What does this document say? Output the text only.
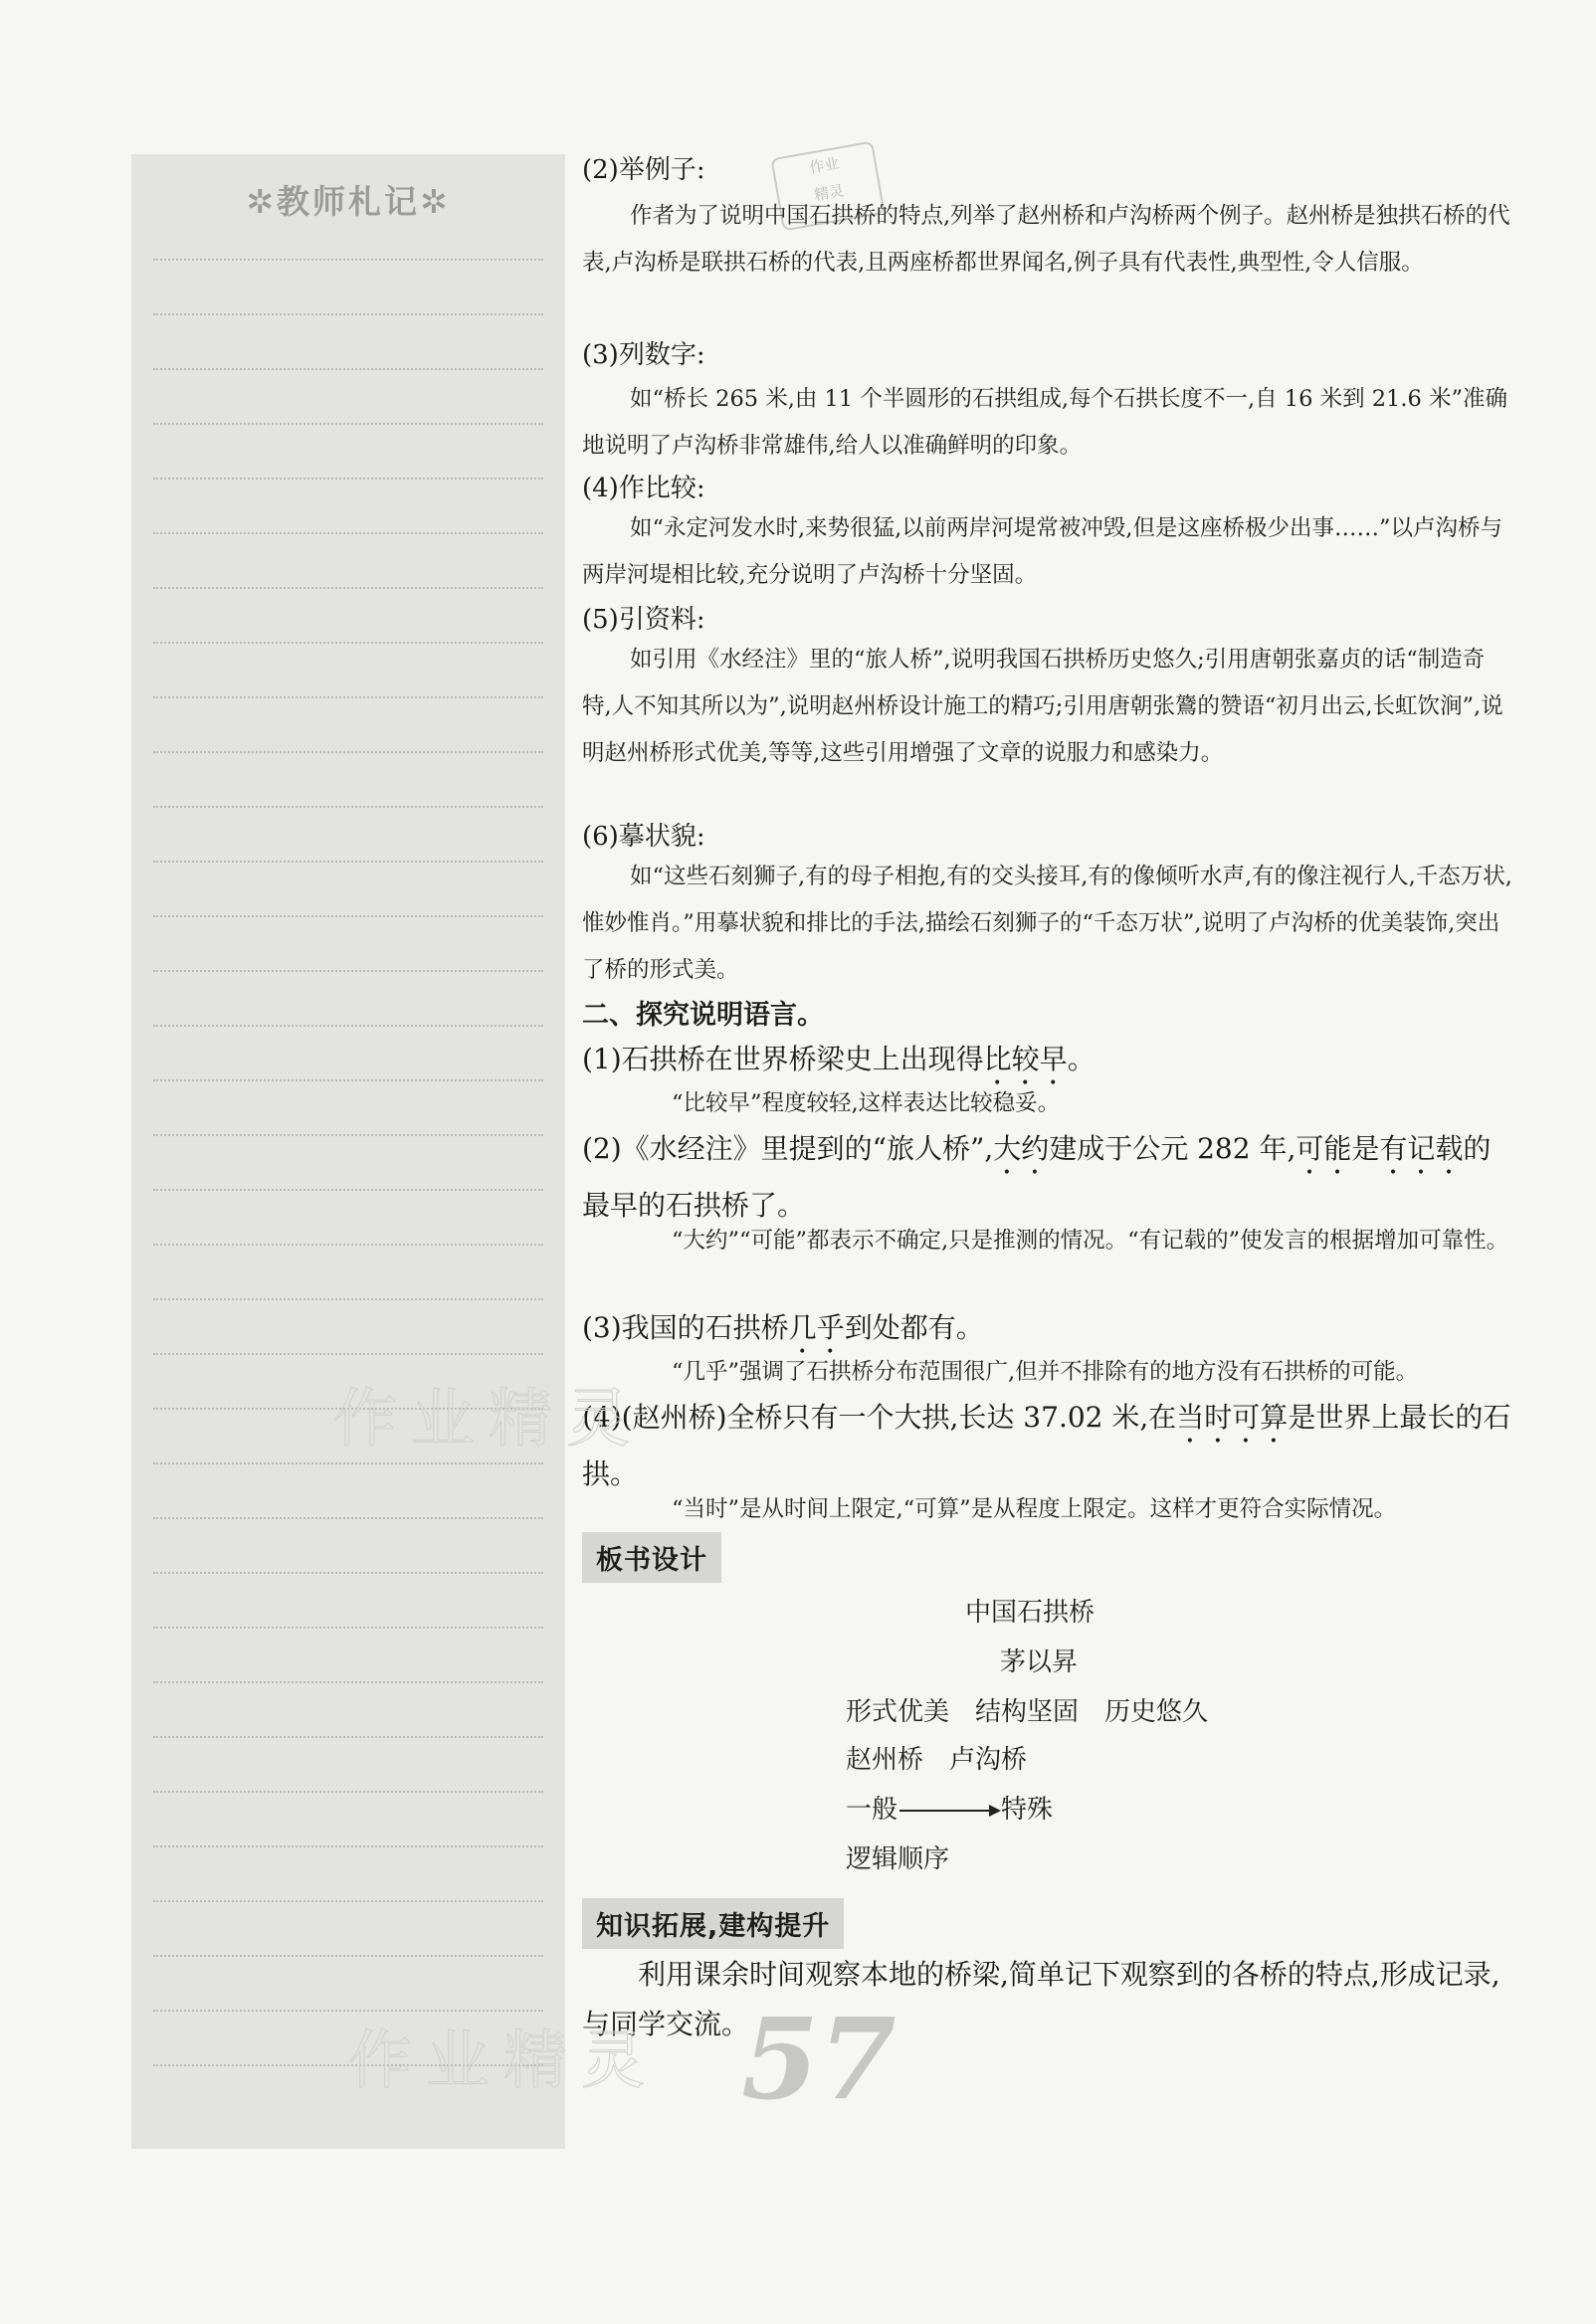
✲教师札记✲
作业
精灵
(2)举例子:
作者为了说明中国石拱桥的特点,列举了赵州桥和卢沟桥两个例子。赵州桥是独拱石桥的代表,卢沟桥是联拱石桥的代表,且两座桥都世界闻名,例子具有代表性,典型性,令人信服。
(3)列数字:
如“桥长 265 米,由 11 个半圆形的石拱组成,每个石拱长度不一,自 16 米到 21.6 米”准确地说明了卢沟桥非常雄伟,给人以准确鲜明的印象。
(4)作比较:
如“永定河发水时,来势很猛,以前两岸河堤常被冲毁,但是这座桥极少出事……”以卢沟桥与两岸河堤相比较,充分说明了卢沟桥十分坚固。
(5)引资料:
如引用《水经注》里的“旅人桥”,说明我国石拱桥历史悠久;引用唐朝张嘉贞的话“制造奇特,人不知其所以为”,说明赵州桥设计施工的精巧;引用唐朝张鷟的赞语“初月出云,长虹饮涧”,说明赵州桥形式优美,等等,这些引用增强了文章的说服力和感染力。
(6)摹状貌:
如“这些石刻狮子,有的母子相抱,有的交头接耳,有的像倾听水声,有的像注视行人,千态万状,惟妙惟肖。”用摹状貌和排比的手法,描绘石刻狮子的“千态万状”,说明了卢沟桥的优美装饰,突出了桥的形式美。
二、探究说明语言。
(1)石拱桥在世界桥梁史上出现得比较早。
“比较早”程度较轻,这样表达比较稳妥。
(2)《水经注》里提到的“旅人桥”,大约建成于公元 282 年,可能是有记载的最早的石拱桥了。
“大约”“可能”都表示不确定,只是推测的情况。“有记载的”使发言的根据增加可靠性。
(3)我国的石拱桥几乎到处都有。
“几乎”强调了石拱桥分布范围很广,但并不排除有的地方没有石拱桥的可能。
(4)(赵州桥)全桥只有一个大拱,长达 37.02 米,在当时可算是世界上最长的石拱。
“当时”是从时间上限定,“可算”是从程度上限定。这样才更符合实际情况。
板书设计
中国石拱桥
茅以昇
形式优美　结构坚固　历史悠久
赵州桥　卢沟桥
一般	特殊
逻辑顺序
知识拓展,建构提升
利用课余时间观察本地的桥梁,简单记下观察到的各桥的特点,形成记录,与同学交流。
作业精灵
作业精灵 57
